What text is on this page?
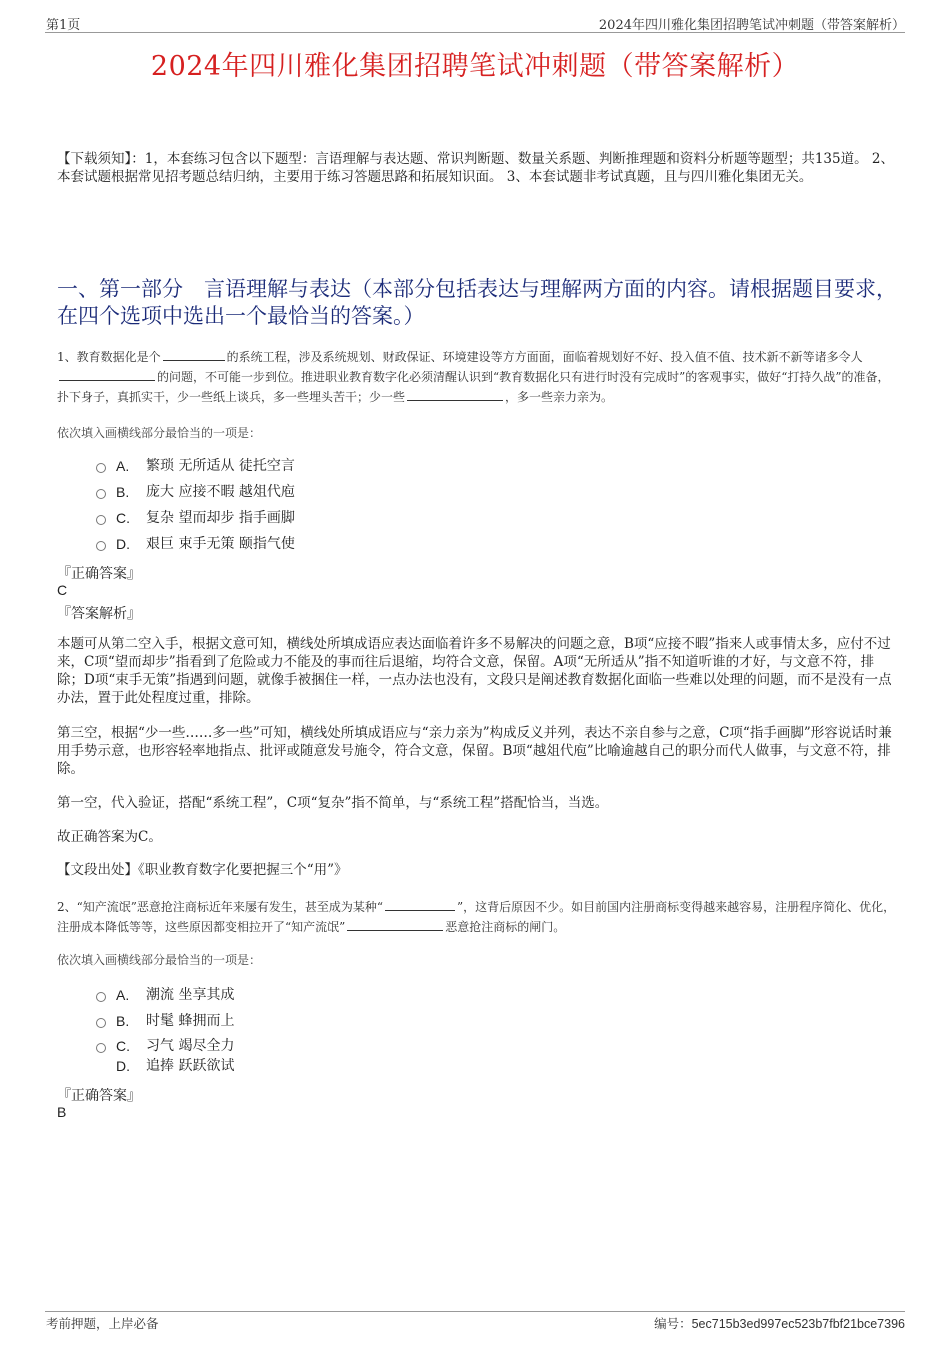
第1页	2024年四川雅化集团招聘笔试冲刺题（带答案解析）
2024年四川雅化集团招聘笔试冲刺题（带答案解析）
【下载须知】：1，本套练习包含以下题型：言语理解与表达题、常识判断题、数量关系题、判断推理题和资料分析题等题型；共135道。 2、本套试题根据常见招考题总结归纳，主要用于练习答题思路和拓展知识面。 3、本套试题非考试真题，且与四川雅化集团无关。
一、第一部分　言语理解与表达（本部分包括表达与理解两方面的内容。请根据题目要求，在四个选项中选出一个最恰当的答案。）
1、教育数据化是个	的系统工程，涉及系统规划、财政保证、环境建设等方方面面，面临着规划好不好、投入值不值、技术新不新等诸多令人的问题，不可能一步到位。推进职业教育数字化必须清醒认识到“教育数据化只有进行时没有完成时”的客观事实，做好“打持久战”的准备，扑下身子，真抓实干，少一些纸上谈兵，多一些埋头苦干；少一些	，多一些亲力亲为。
依次填入画横线部分最恰当的一项是：
A.	繁琐 无所适从 徒托空言
B.	庞大 应接不暇 越俎代庖
C.	复杂 望而却步 指手画脚
D.	艰巨 束手无策 颐指气使
『正确答案』
C
『答案解析』
本题可从第二空入手，根据文意可知，横线处所填成语应表达面临着许多不易解决的问题之意，B项“应接不暇”指来人或事情太多，应付不过来，C项“望而却步”指看到了危险或力不能及的事而往后退缩，均符合文意，保留。A项“无所适从”指不知道听谁的才好，与文意不符，排除；D项“束手无策”指遇到问题，就像手被捆住一样，一点办法也没有，文段只是阐述教育数据化面临一些难以处理的问题，而不是没有一点办法，置于此处程度过重，排除。
第三空，根据“少一些……多一些”可知，横线处所填成语应与“亲力亲为”构成反义并列，表达不亲自参与之意，C项“指手画脚”形容说话时兼用手势示意，也形容轻率地指点、批评或随意发号施令，符合文意，保留。B项“越俎代庖”比喻逾越自己的职分而代人做事，与文意不符，排除。
第一空，代入验证，搭配“系统工程”，C项“复杂”指不简单，与“系统工程”搭配恰当，当选。
故正确答案为C。
【文段出处】《职业教育数字化要把握三个“用”》
2、“知产流氓”恶意抢注商标近年来屡有发生，甚至成为某种“	”，这背后原因不少。如目前国内注册商标变得越来越容易，注册程序简化、优化，注册成本降低等等，这些原因都变相拉开了“知产流氓”	恶意抢注商标的闸门。
依次填入画横线部分最恰当的一项是：
A.	潮流 坐享其成
B.	时髦 蜂拥而上
C.	习气 竭尽全力
D.	追捧 跃跃欲试
『正确答案』
B
考前押题，上岸必备	编号：5ec715b3ed997ec523b7fbf21bce7396
